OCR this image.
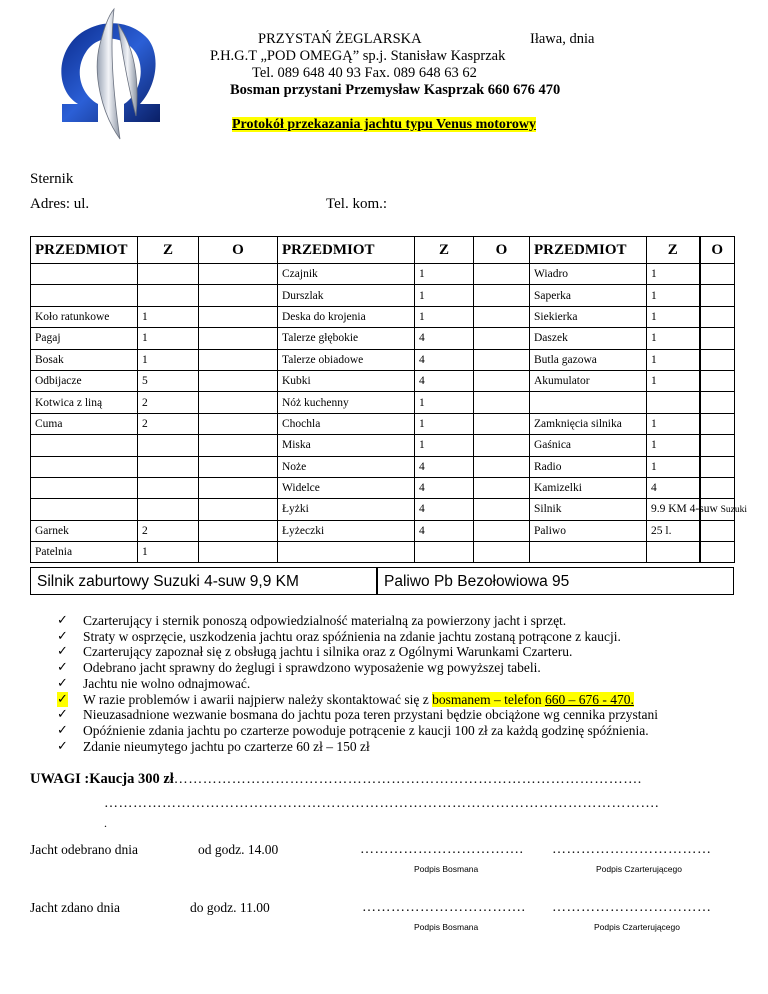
PRZYSTAŃ ŻEGLARSKA	Iława, dnia
P.H.G.T „POD OMEGĄ” sp.j. Stanisław Kasprzak
Tel. 089 648 40 93 Fax. 089 648 63 62
Bosman przystani Przemysław Kasprzak 660 676 470
Protokół przekazania jachtu typu Venus motorowy
Sternik
Adres: ul.	Tel. kom.:
PRZEDMIOT	Z	O	PRZEDMIOT	Z	O	PRZEDMIOT	Z	O
			Czajnik	1		Wiadro	1	
			Durszlak	1		Saperka	1	
Koło ratunkowe	1		Deska do krojenia	1		Siekierka	1	
Pagaj	1		Talerze głębokie	4		Daszek	1	
Bosak	1		Talerze obiadowe	4		Butla gazowa	1	
Odbijacze	5		Kubki	4		Akumulator	1	
Kotwica z liną	2		Nóż kuchenny	1				
Cuma	2		Chochla	1		Zamknięcia silnika	1	
			Miska	1		Gaśnica	1	
			Noże	4		Radio	1	
			Widelce	4		Kamizelki	4	
			Łyżki	4		Silnik	9.9 KM 4-suw Suzuki	
Garnek	2		Łyżeczki	4		Paliwo	25 l.	
Patelnia	1							
Silnik zaburtowy Suzuki 4-suw 9,9 KM	Paliwo Pb Bezołowiowa 95
✓ Czarterujący i sternik ponoszą odpowiedzialność materialną za powierzony jacht i sprzęt.
✓ Straty w osprzęcie, uszkodzenia jachtu oraz spóźnienia na zdanie jachtu zostaną potrącone z kaucji.
✓ Czarterujący zapoznał się z obsługą jachtu i silnika oraz z Ogólnymi Warunkami Czarteru.
✓ Odebrano jacht sprawny do żeglugi i sprawdzono wyposażenie wg powyższej tabeli.
✓ Jachtu nie wolno odnajmować.
✓ W razie problemów i awarii najpierw należy skontaktować się z bosmanem – telefon 660 – 676 - 470.
✓ Nieuzasadnione wezwanie bosmana do jachtu poza teren przystani będzie obciążone wg cennika przystani
✓ Opóźnienie zdania jachtu po czarterze powoduje potrącenie z kaucji 100 zł za każdą godzinę spóźnienia.
✓ Zdanie nieumytego jachtu po czarterze 60 zł – 150 zł
UWAGI :Kaucja 300 zł…………………………………………………………………………………….
…………………………………………………………………………………………………….
.
Jacht odebrano dnia	od godz. 14.00	……………………………. ……………………………
Podpis Bosmana	Podpis Czarterującego
Jacht zdano dnia	do godz. 11.00	……………………………. ……………………………
Podpis Bosmana	Podpis Czarterującego
